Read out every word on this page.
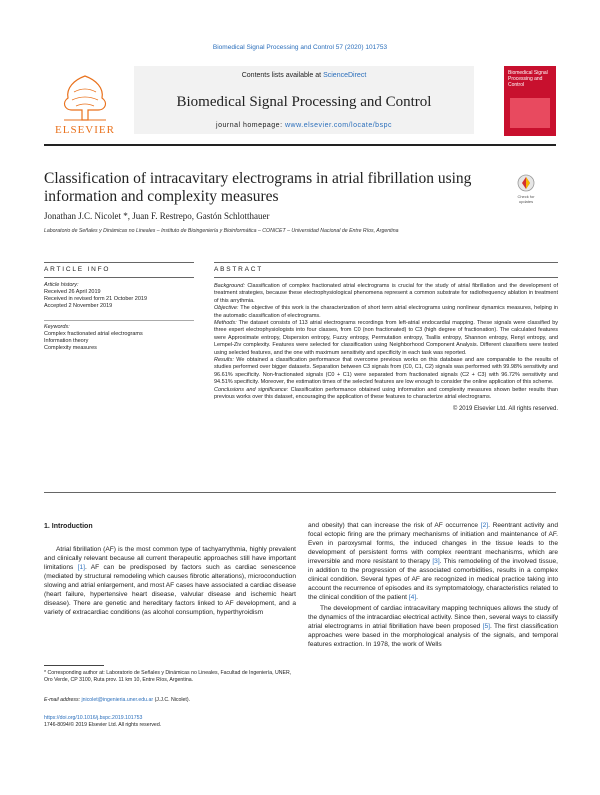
Biomedical Signal Processing and Control 57 (2020) 101753
ELSEVIER
Contents lists available at ScienceDirect
Biomedical Signal Processing and Control
journal homepage: www.elsevier.com/locate/bspc
Biomedical Signal Processing and Control
Classification of intracavitary electrograms in atrial fibrillation using information and complexity measures	Check for updates
Jonathan J.C. Nicolet *, Juan F. Restrepo, Gastón Schlotthauer
Laboratorio de Señales y Dinámicas no Lineales – Instituto de Bioingeniería y Bioinformática – CONICET – Universidad Nacional de Entre Ríos, Argentina
ARTICLE INFO	ABSTRACT
Article history:
Received 26 April 2019
Received in revised form 21 October 2019
Accepted 2 November 2019
Keywords:
Complex fractionated atrial electrograms
Information theory
Complexity measures

Background: Classification of complex fractionated atrial electrograms is crucial for the study of atrial fibrillation and the development of treatment strategies, because these electrophysiological phenomena represent a common substrate for radiofrequency ablation in treatment of this arrythmia.

Objective: The objective of this work is the characterization of short term atrial electrograms using nonlinear dynamics measures, helping in the automatic classification of electrograms.

Methods: The dataset consists of 113 atrial electrograms recordings from left-atrial endocardial mapping. These signals were classified by three expert electrophysiologists into four classes, from C0 (non fractionated) to C3 (high degree of fractionation). The calculated features were Approximate entropy, Dispersion entropy, Fuzzy entropy, Permutation entropy, Tsallis entropy, Shannon entropy, Renyi entropy, and Lempel-Ziv complexity. Features were selected for classification using Neighborhood Component Analysis. Different classifiers were tested using selected features, and the one with maximum sensitivity and specificity in each task was reported.

Results: We obtained a classification performance that overcome previous works on this database and are comparable to the results of studies performed over bigger datasets. Separation between C3 signals from (C0, C1, C2) signals was performed with 99.98% sensitivity and 96.61% specificity. Non-fractionated signals (C0 + C1) were separated from fractionated signals (C2 + C3) with 96.72% sensitivity and 94.51% specificity. Moreover, the estimation times of the selected features are low enough to consider the online application of this scheme.

Conclusions and significance: Classification performance obtained using information and complexity measures shown better results than previous works over this dataset, encouraging the application of these features to characterize atrial electrograms.

© 2019 Elsevier Ltd. All rights reserved.

1. Introduction

Atrial fibrillation (AF) is the most common type of tachyarrythmia, highly prevalent and clinically relevant because all current therapeutic approaches still have important limitations [1]. AF can be predisposed by factors such as cardiac senescence (mediated by structural remodeling which causes fibrotic alterations), microconduction slowing and atrial enlargement, and most AF cases have associated a cardiac disease (heart failure, hypertensive heart disease, valvular disease and ischemic heart disease). There are genetic and hereditary factors linked to AF development, and a variety of extracardiac conditions (as alcohol consumption, hyperthyroidism

and obesity) that can increase the risk of AF occurrence [2]. Reentrant activity and focal ectopic firing are the primary mechanisms of initiation and maintenance of AF. Even in paroxysmal forms, the induced changes in the tissue leads to the development of persistent forms with complex reentrant mechanisms, which are irreversible and more resistant to therapy [3]. This remodeling of the involved tissue, in addition to the progression of the associated comorbidities, results in a complex clinical condition. Several types of AF are recognized in medical practice taking into account the recurrence of episodes and its symptomatology, characteristics related to the clinical condition of the patient [4].

The development of cardiac intracavitary mapping techniques allows the study of the dynamics of the intracardiac electrical activity. Since then, several ways to classify atrial electrograms in atrial fibrillation have been proposed [5]. The first classification approaches were based in the morphological analysis of the signals, and temporal features extraction. In 1978, the work of Wells

* Corresponding author at: Laboratorio de Señales y Dinámicas no Lineales, Facultad de Ingeniería, UNER, Oro Verde, CP 3100, Ruta prov. 11 km 10, Entre Ríos, Argentina.
E-mail address: jnicolet@ingenieria.uner.edu.ar (J.J.C. Nicolet).
https://doi.org/10.1016/j.bspc.2019.101753
1746-8094/© 2019 Elsevier Ltd. All rights reserved.
